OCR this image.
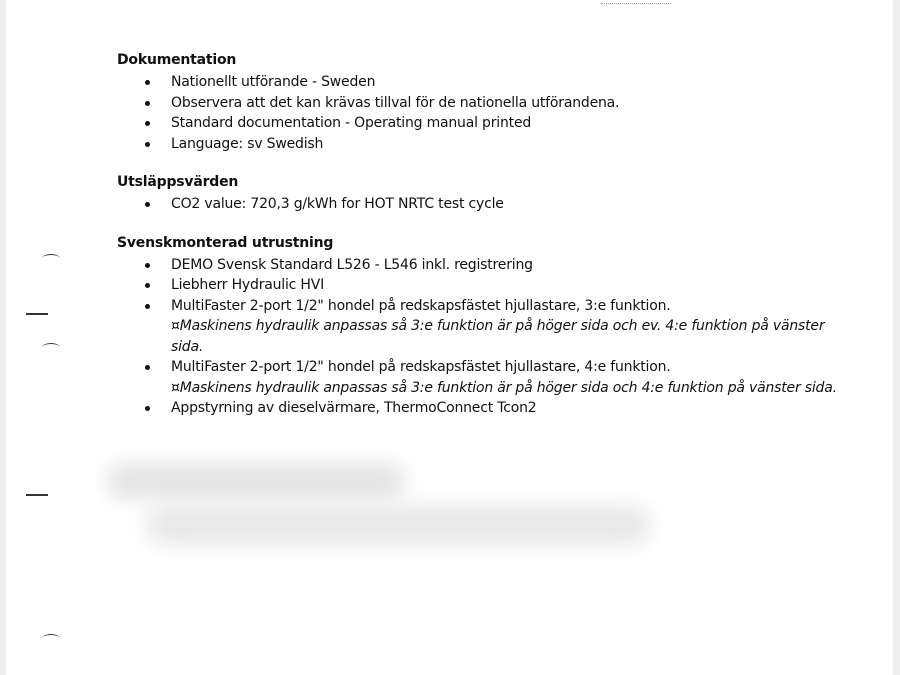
Dokumentation
Nationellt utförande - Sweden
Observera att det kan krävas tillval för de nationella utförandena.
Standard documentation - Operating manual printed
Language: sv Swedish
Utsläppsvärden
CO2 value: 720,3 g/kWh for HOT NRTC test cycle
Svenskmonterad utrustning
DEMO Svensk Standard L526 - L546 inkl. registrering
Liebherr Hydraulic HVI
MultiFaster 2-port 1/2" hondel på redskapsfästet hjullastare, 3:e funktion.
¤Maskinens hydraulik anpassas så 3:e funktion är på höger sida och ev. 4:e funktion på vänster sida.
MultiFaster 2-port 1/2" hondel på redskapsfästet hjullastare, 4:e funktion.
¤Maskinens hydraulik anpassas så 3:e funktion är på höger sida och 4:e funktion på vänster sida.
Appstyrning av dieselvärmare, ThermoConnect Tcon2
